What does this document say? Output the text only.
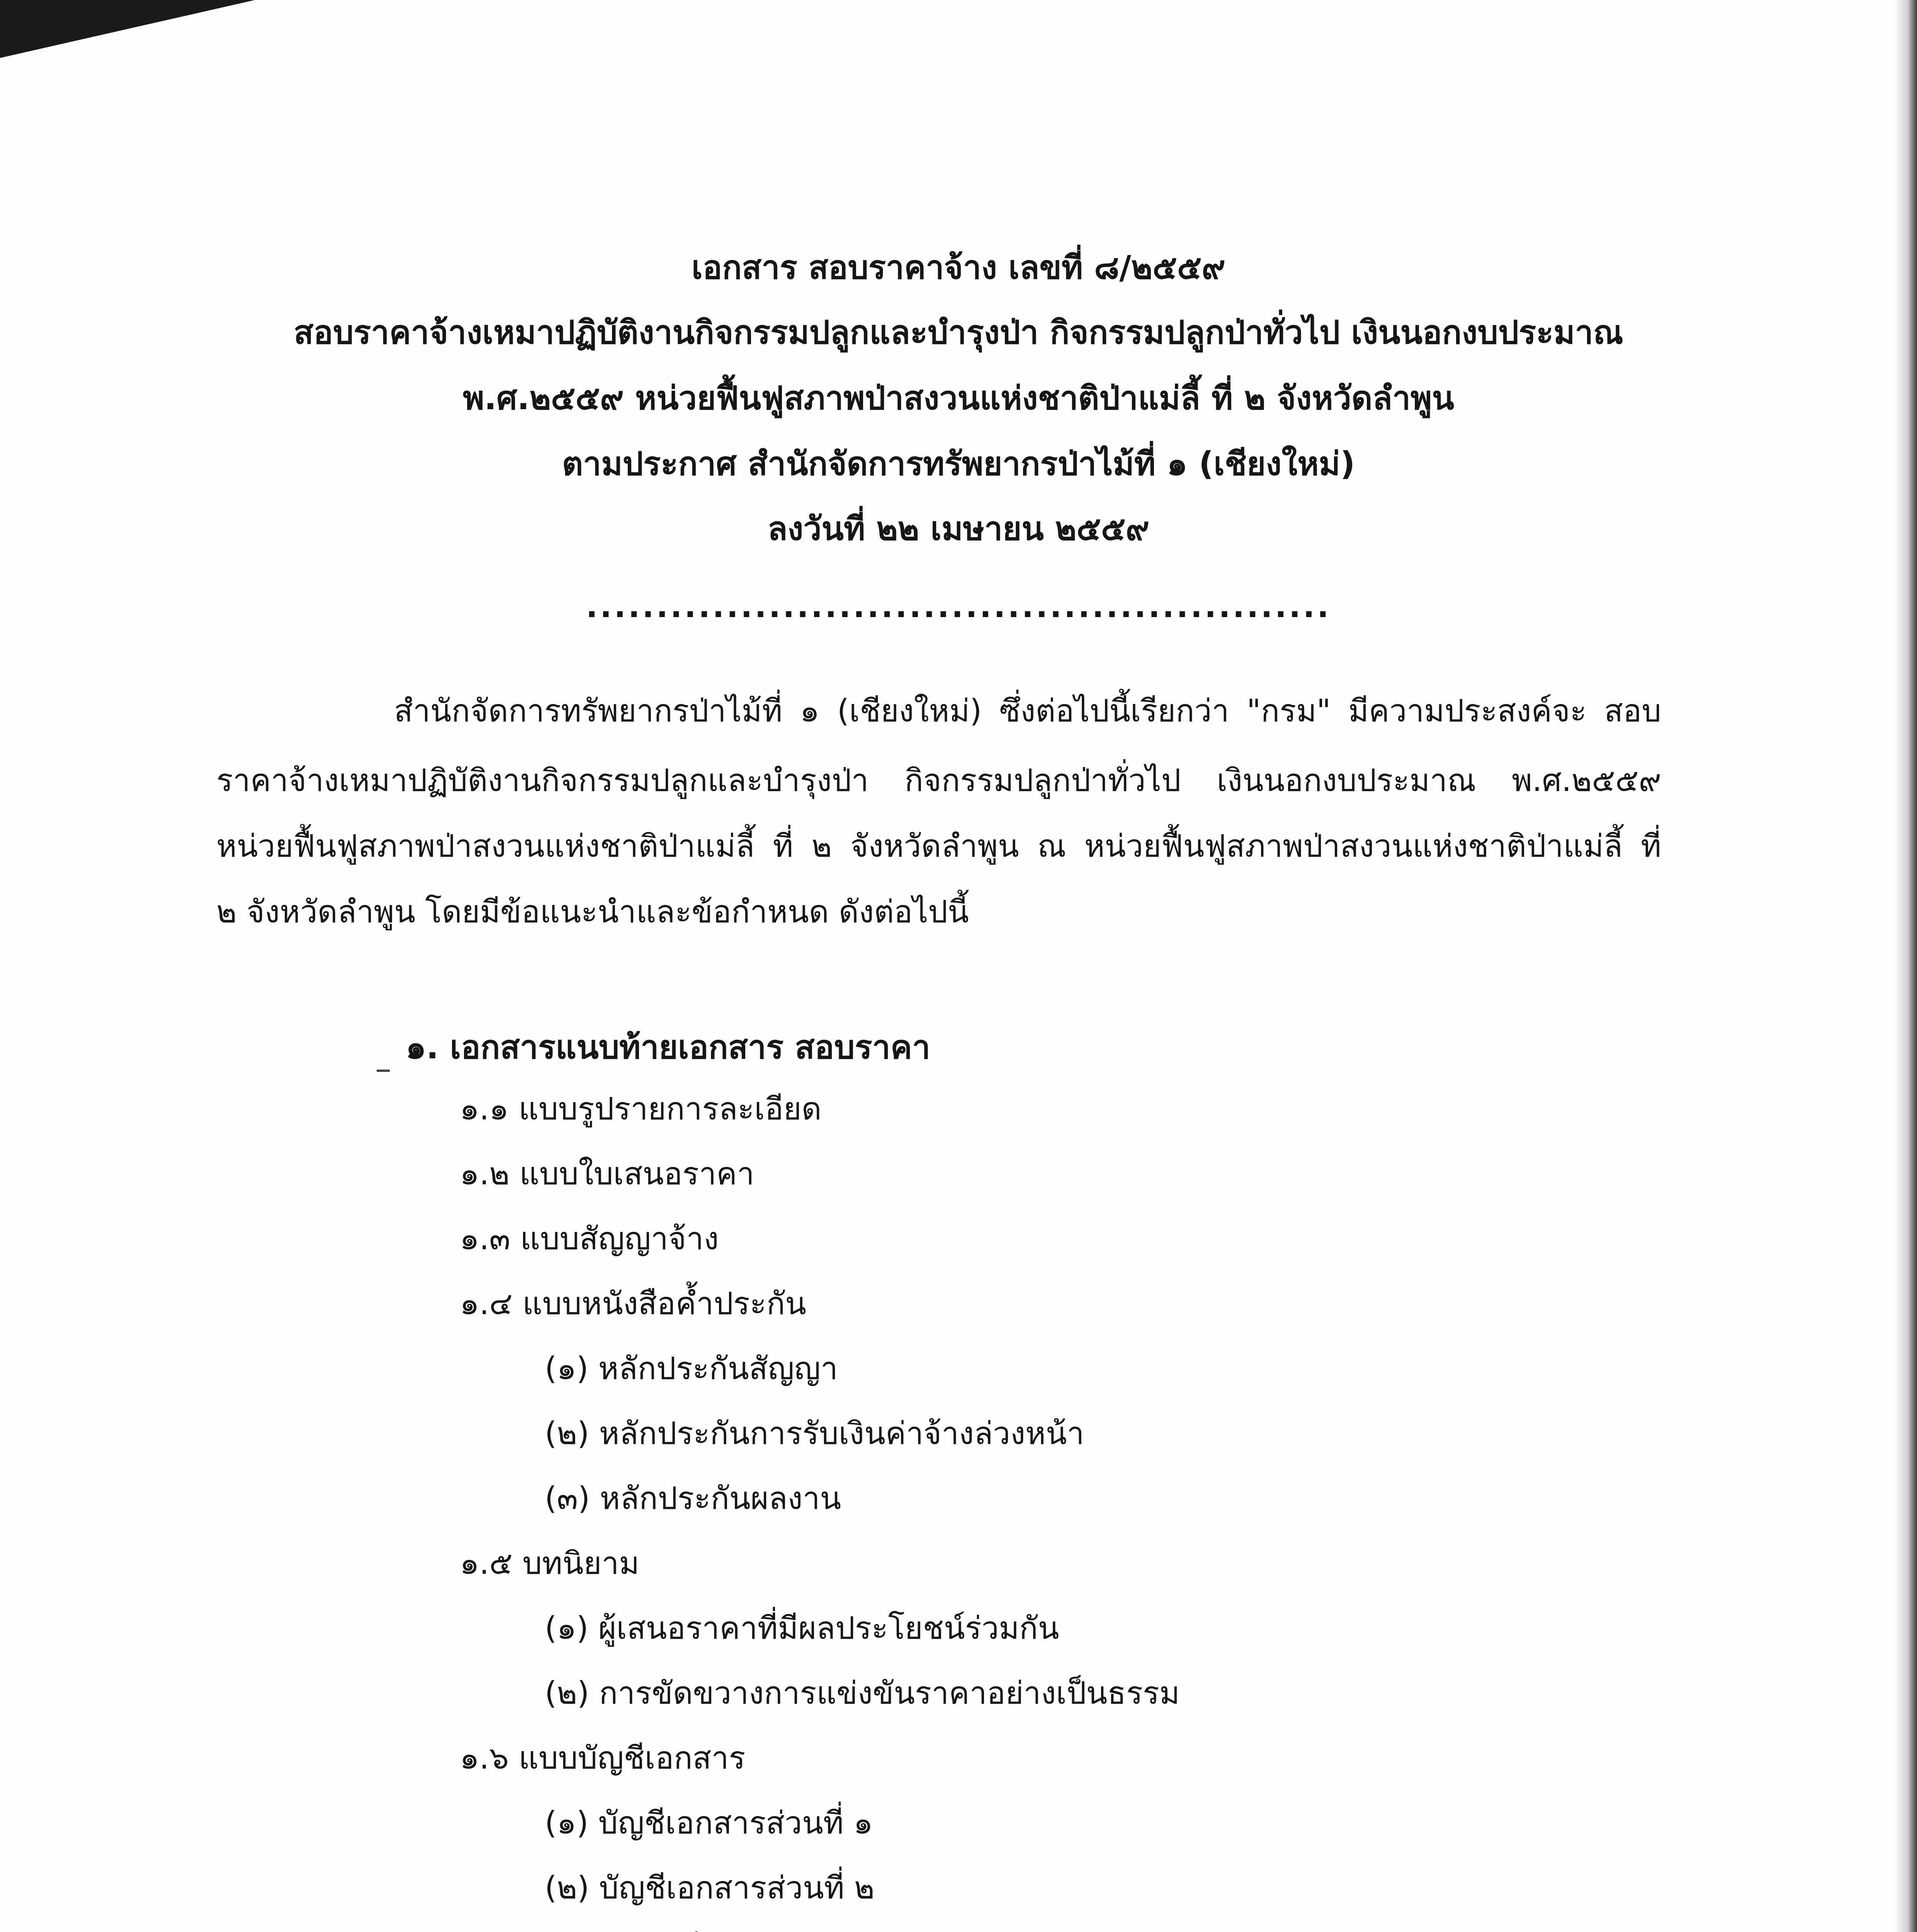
เอกสาร สอบราคาจ้าง เลขที่ ๘/๒๕๕๙
สอบราคาจ้างเหมาปฏิบัติงานกิจกรรมปลูกและบำรุงป่า กิจกรรมปลูกป่าทั่วไป เงินนอกงบประมาณ
พ.ศ.๒๕๕๙ หน่วยฟื้นฟูสภาพป่าสงวนแห่งชาติป่าแม่ลี้ ที่ ๒ จังหวัดลำพูน
ตามประกาศ สำนักจัดการทรัพยากรป่าไม้ที่ ๑ (เชียงใหม่)
ลงวันที่ ๒๒ เมษายน ๒๕๕๙
.....................................................
สำนักจัดการทรัพยากรป่าไม้ที่ ๑ (เชียงใหม่) ซึ่งต่อไปนี้เรียกว่า "กรม" มีความประสงค์จะ สอบ
ราคาจ้างเหมาปฏิบัติงานกิจกรรมปลูกและบำรุงป่า กิจกรรมปลูกป่าทั่วไป เงินนอกงบประมาณ พ.ศ.๒๕๕๙
หน่วยฟื้นฟูสภาพป่าสงวนแห่งชาติป่าแม่ลี้ ที่ ๒ จังหวัดลำพูน ณ หน่วยฟื้นฟูสภาพป่าสงวนแห่งชาติป่าแม่ลี้ ที่
๒ จังหวัดลำพูน โดยมีข้อแนะนำและข้อกำหนด ดังต่อไปนี้
๑. เอกสารแนบท้ายเอกสาร สอบราคา
๑.๑ แบบรูปรายการละเอียด
๑.๒ แบบใบเสนอราคา
๑.๓ แบบสัญญาจ้าง
๑.๔ แบบหนังสือค้ำประกัน
(๑) หลักประกันสัญญา
(๒) หลักประกันการรับเงินค่าจ้างล่วงหน้า
(๓) หลักประกันผลงาน
๑.๕ บทนิยาม
(๑) ผู้เสนอราคาที่มีผลประโยชน์ร่วมกัน
(๒) การขัดขวางการแข่งขันราคาอย่างเป็นธรรม
๑.๖ แบบบัญชีเอกสาร
(๑) บัญชีเอกสารส่วนที่ ๑
(๒) บัญชีเอกสารส่วนที่ ๒
